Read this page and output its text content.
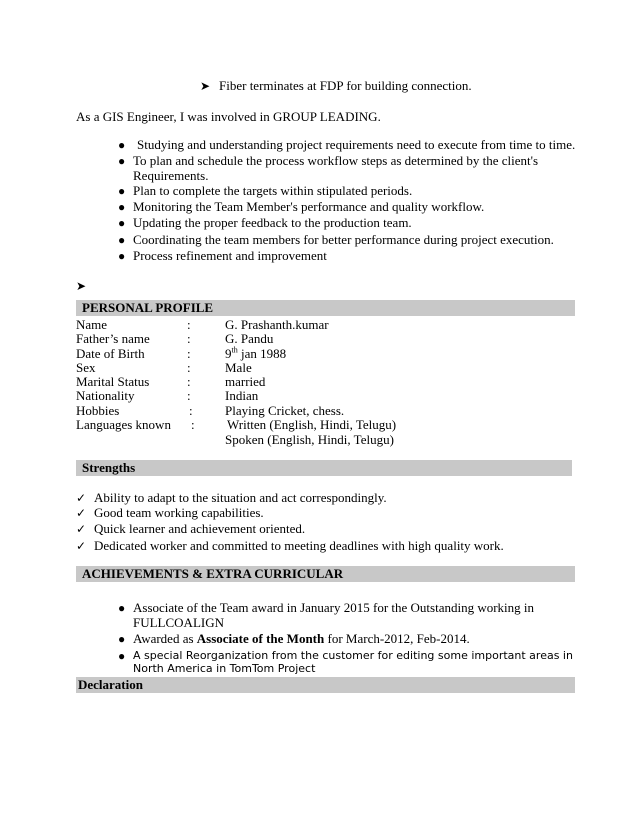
➤ Fiber terminates at FDP for building connection.
As a GIS Engineer, I was involved in GROUP LEADING.
● Studying and understanding project requirements need to execute from time to time.
● To plan and schedule the process workflow steps as determined by the client's
Requirements.
● Plan to complete the targets within stipulated periods.
● Monitoring the Team Member's performance and quality workflow.
● Updating the proper feedback to the production team.
● Coordinating the team members for better performance during project execution.
● Process refinement and improvement
➤
PERSONAL PROFILE
Name	:	G. Prashanth.kumar
Father’s name	:	G. Pandu
Date of Birth	:	9th jan 1988
Sex	:	Male
Marital Status	:	married
Nationality	:	Indian
Hobbies	: Playing Cricket, chess.
Languages known : Written (English, Hindi, Telugu)
Spoken (English, Hindi, Telugu)
Strengths
✓ Ability to adapt to the situation and act correspondingly.
✓ Good team working capabilities.
✓ Quick learner and achievement oriented.
✓ Dedicated worker and committed to meeting deadlines with high quality work.
ACHIEVEMENTS & EXTRA CURRICULAR
● Associate of the Team award in January 2015 for the Outstanding working in
FULLCOALIGN
● Awarded as Associate of the Month for March-2012, Feb-2014.
● A special Reorganization from the customer for editing some important areas in
North America in TomTom Project
Declaration
